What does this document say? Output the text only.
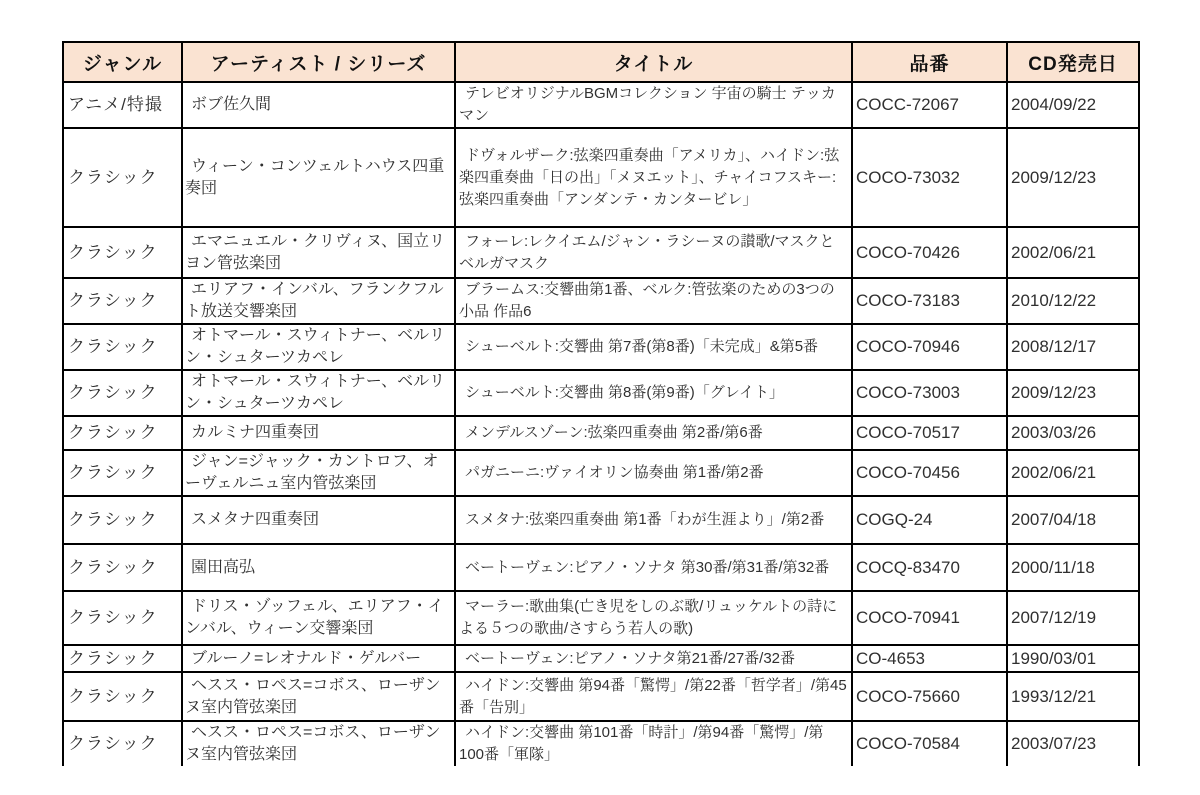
ジャンル	アーティスト / シリーズ	タイトル	品番	CD発売日
アニメ/特撮	ボブ佐久間	テレビオリジナルBGMコレクション 宇宙の騎士 テッカマン	COCC-72067	2004/09/22
クラシック	ウィーン・コンツェルトハウス四重奏団	ドヴォルザーク:弦楽四重奏曲「アメリカ」、ハイドン:弦楽四重奏曲「日の出」「メヌエット」、チャイコフスキー:弦楽四重奏曲「アンダンテ・カンタービレ」	COCO-73032	2009/12/23
クラシック	エマニュエル・クリヴィヌ、国立リヨン管弦楽団	フォーレ:レクイエム/ジャン・ラシーヌの讃歌/マスクとベルガマスク	COCO-70426	2002/06/21
クラシック	エリアフ・インバル、フランクフルト放送交響楽団	ブラームス:交響曲第1番、ベルク:管弦楽のための3つの小品 作品6	COCO-73183	2010/12/22
クラシック	オトマール・スウィトナー、ベルリン・シュターツカペレ	シューベルト:交響曲 第7番(第8番)「未完成」&第5番	COCO-70946	2008/12/17
クラシック	オトマール・スウィトナー、ベルリン・シュターツカペレ	シューベルト:交響曲 第8番(第9番)「グレイト」	COCO-73003	2009/12/23
クラシック	カルミナ四重奏団	メンデルスゾーン:弦楽四重奏曲 第2番/第6番	COCO-70517	2003/03/26
クラシック	ジャン=ジャック・カントロフ、オーヴェルニュ室内管弦楽団	パガニーニ:ヴァイオリン協奏曲 第1番/第2番	COCO-70456	2002/06/21
クラシック	スメタナ四重奏団	スメタナ:弦楽四重奏曲 第1番「わが生涯より」/第2番	COGQ-24	2007/04/18
クラシック	園田高弘	ベートーヴェン:ピアノ・ソナタ 第30番/第31番/第32番	COCQ-83470	2000/11/18
クラシック	ドリス・ゾッフェル、エリアフ・インバル、ウィーン交響楽団	マーラー:歌曲集(亡き児をしのぶ歌/リュッケルトの詩による５つの歌曲/さすらう若人の歌)	COCO-70941	2007/12/19
クラシック	ブルーノ=レオナルド・ゲルバー	ベートーヴェン:ピアノ・ソナタ第21番/27番/32番	CO-4653	1990/03/01
クラシック	ヘスス・ロペス=コボス、ローザンヌ室内管弦楽団	ハイドン:交響曲 第94番「驚愕」/第22番「哲学者」/第45番「告別」	COCO-75660	1993/12/21
クラシック	ヘスス・ロペス=コボス、ローザンヌ室内管弦楽団	ハイドン:交響曲 第101番「時計」/第94番「驚愕」/第100番「軍隊」	COCO-70584	2003/07/23
